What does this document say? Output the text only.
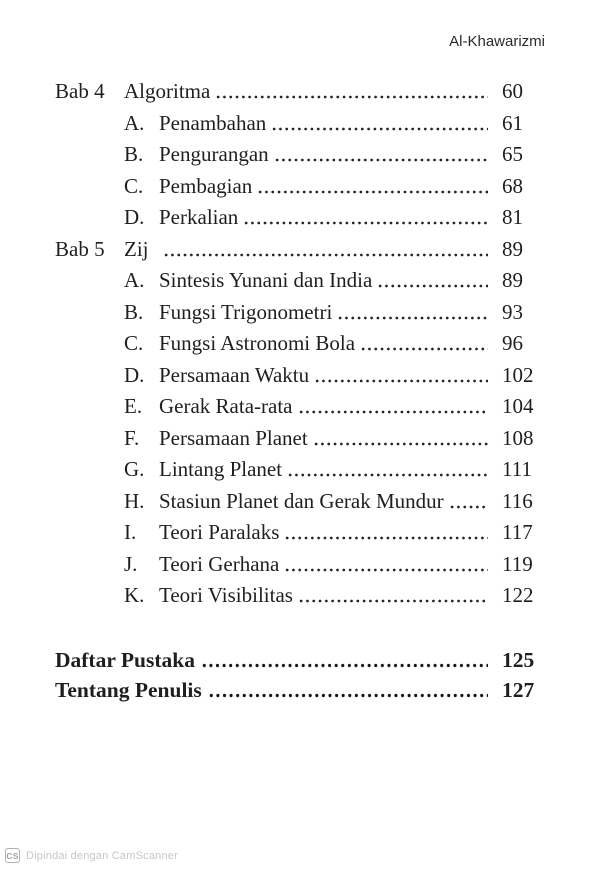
Al-Khawarizmi
Bab 4 Algoritma	60
A. Penambahan	61
B. Pengurangan	65
C. Pembagian	68
D. Perkalian	81
Bab 5 Zij	89
A. Sintesis Yunani dan India	89
B. Fungsi Trigonometri	93
C. Fungsi Astronomi Bola	96
D. Persamaan Waktu	102
E. Gerak Rata-rata	104
F. Persamaan Planet	108
G. Lintang Planet	111
H. Stasiun Planet dan Gerak Mundur	116
I.	Teori Paralaks	117
J.	Teori Gerhana	119
K. Teori Visibilitas	122
Daftar Pustaka	125
Tentang Penulis	127
CS Dipindai dengan CamScanner
